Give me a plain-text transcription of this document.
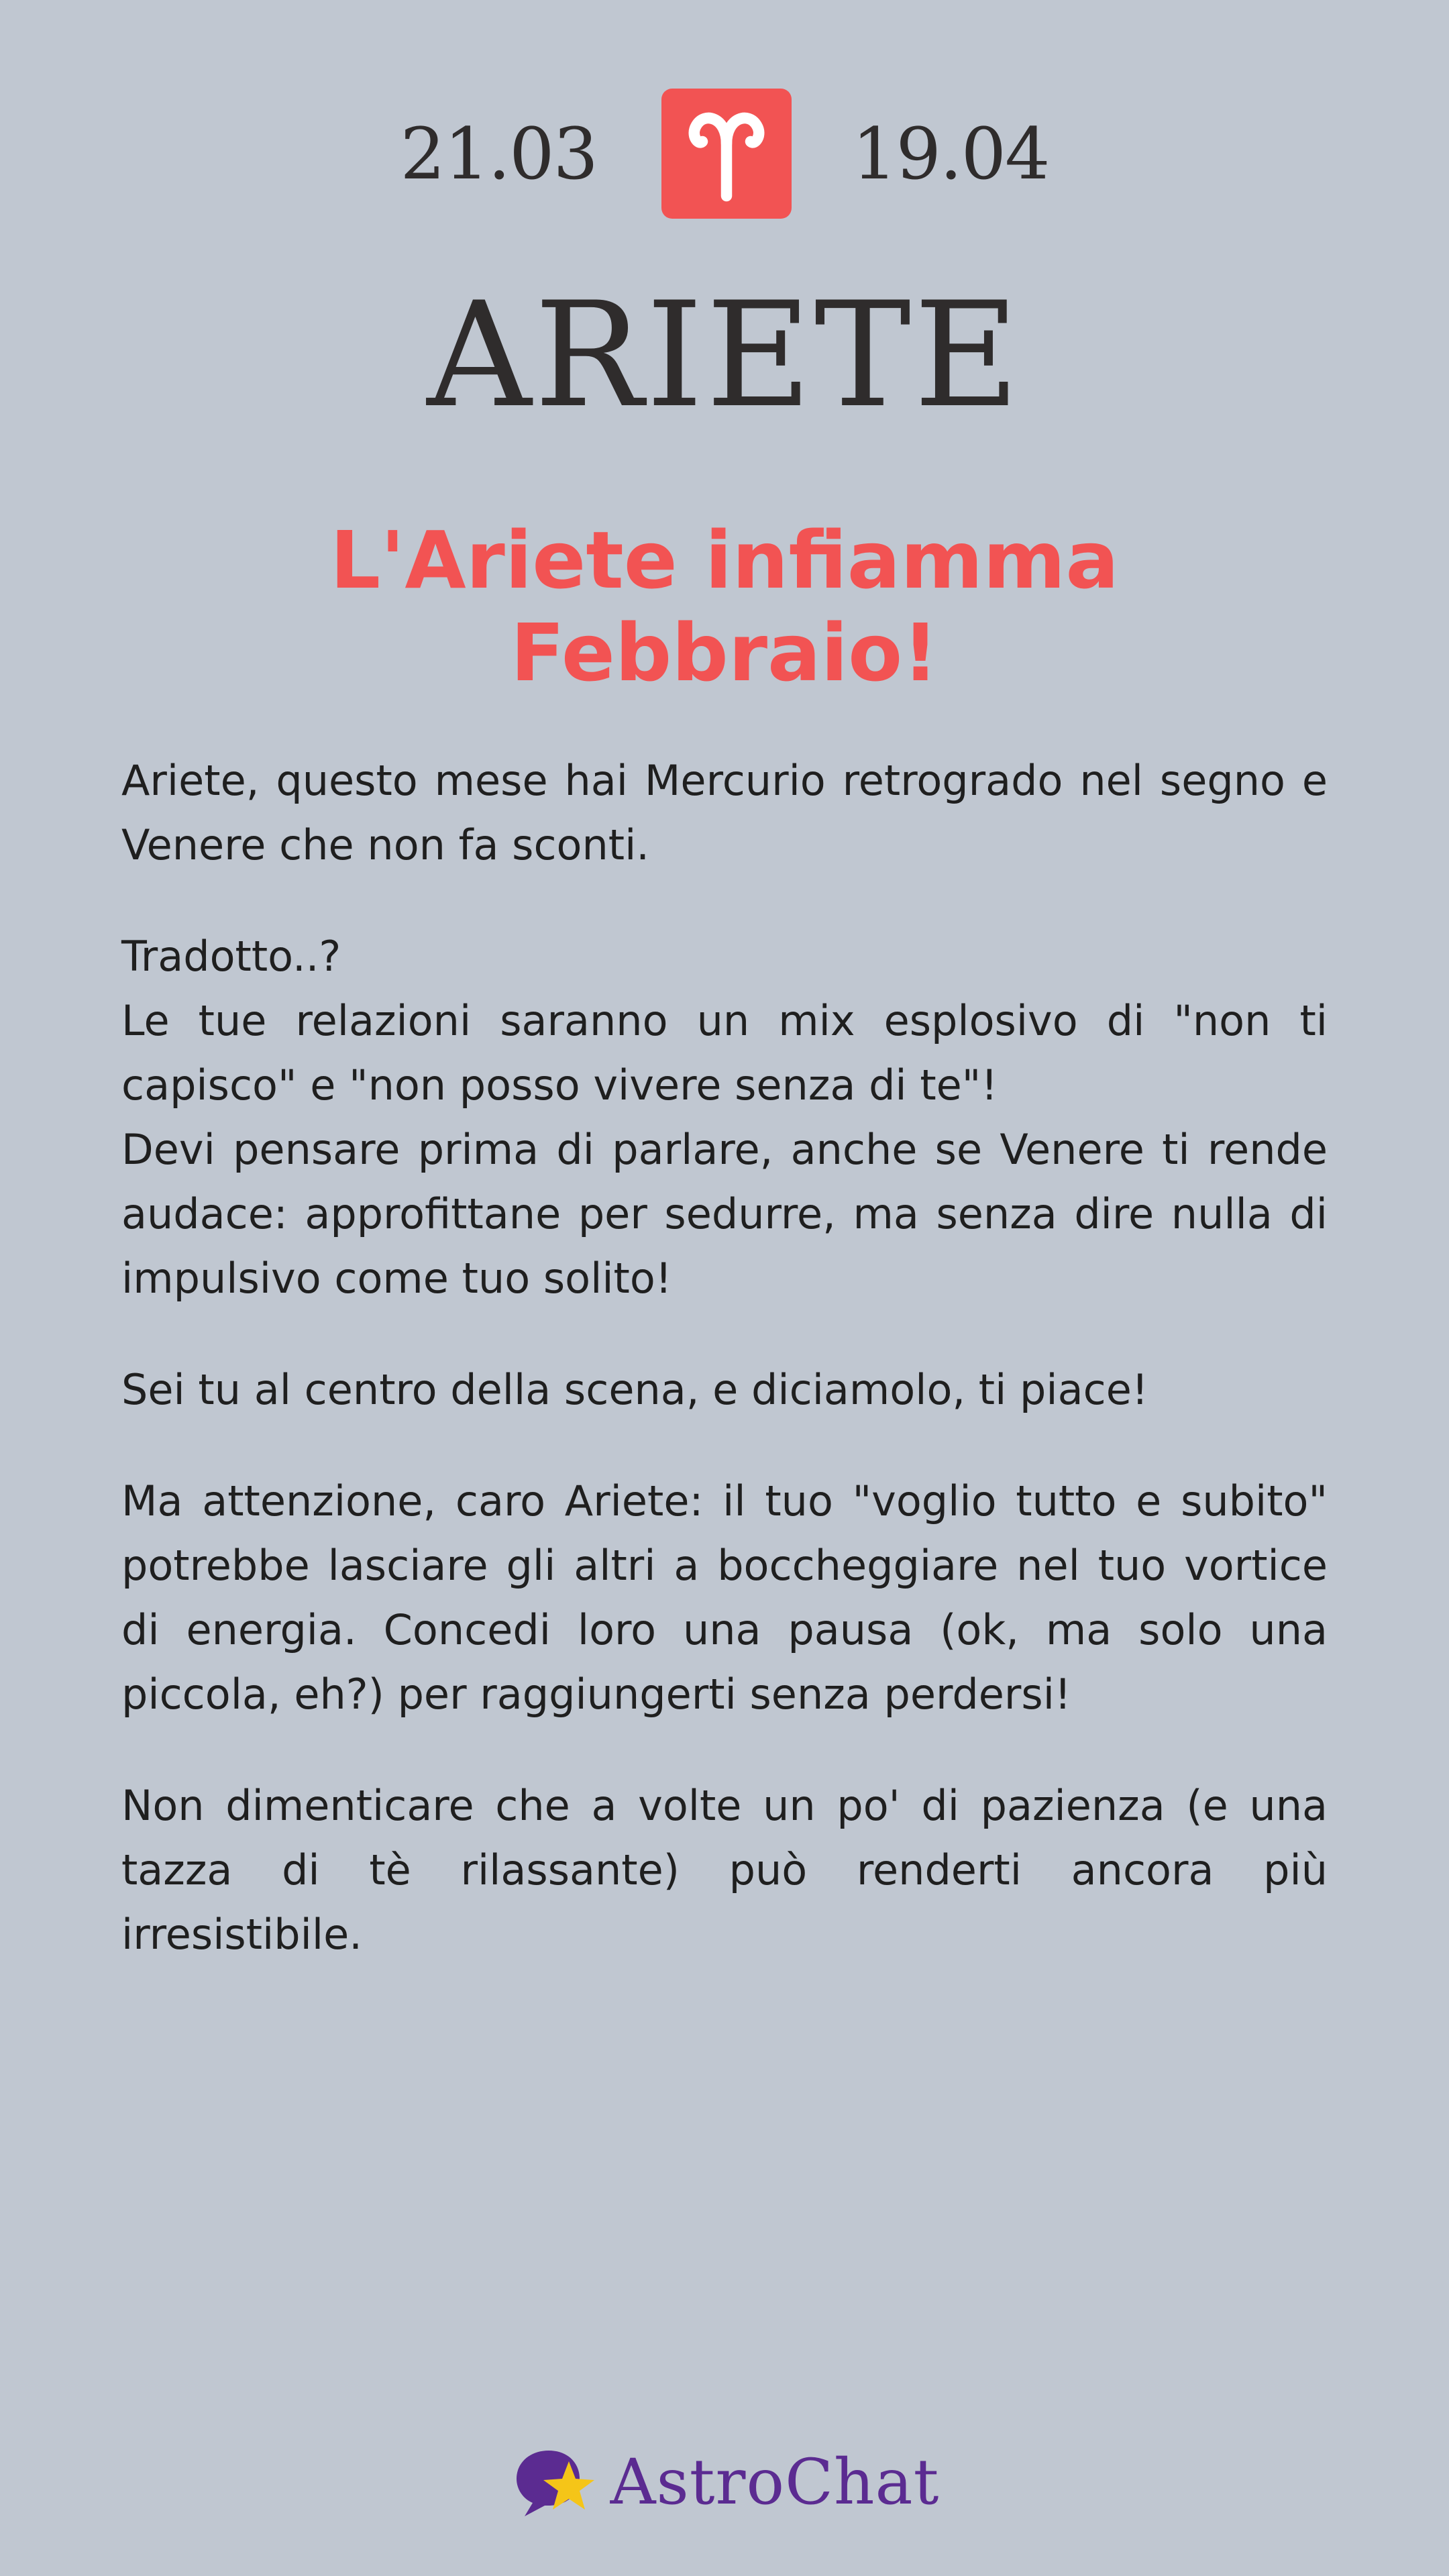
21.03	19.04
ARIETE
L'Ariete infiamma
Febbraio!

Ariete, questo mese hai Mercurio retrogrado nel segno e Venere che non fa sconti.

Tradotto..?
Le tue relazioni saranno un mix esplosivo di "non ti capisco" e "non posso vivere senza di te"!
Devi pensare prima di parlare, anche se Venere ti rende audace: approfittane per sedurre, ma senza dire nulla di impulsivo come tuo solito!

Sei tu al centro della scena, e diciamolo, ti piace!

Ma attenzione, caro Ariete: il tuo "voglio tutto e subito" potrebbe lasciare gli altri a boccheggiare nel tuo vortice di energia. Concedi loro una pausa (ok, ma solo una piccola, eh?) per raggiungerti senza perdersi!

Non dimenticare che a volte un po' di pazienza (e una tazza di tè rilassante) può renderti ancora più irresistibile.

AstroChat
